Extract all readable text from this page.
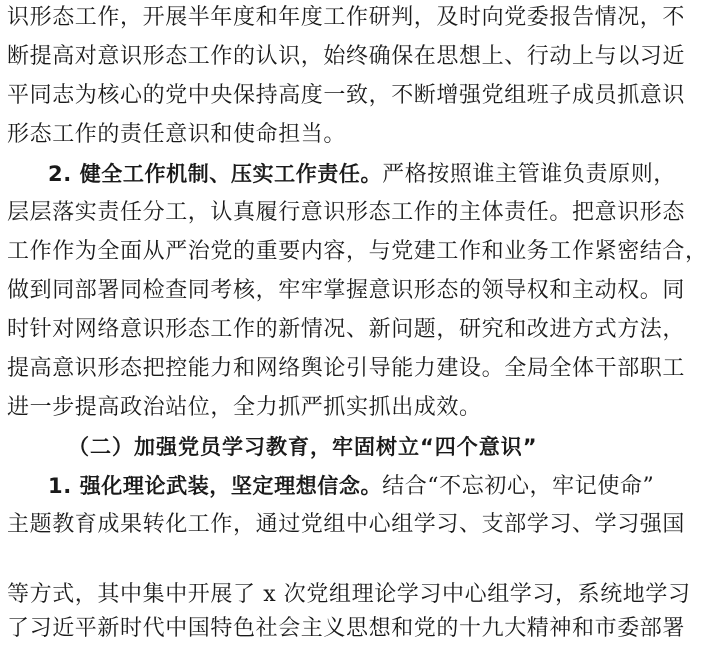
识形态工作，开展半年度和年度工作研判，及时向党委报告情况，不
断提高对意识形态工作的认识，始终确保在思想上、行动上与以习近
平同志为核心的党中央保持高度一致，不断增强党组班子成员抓意识
形态工作的责任意识和使命担当。
2. 健全工作机制、压实工作责任。严格按照谁主管谁负责原则，
层层落实责任分工，认真履行意识形态工作的主体责任。把意识形态
工作作为全面从严治党的重要内容，与党建工作和业务工作紧密结合，
做到同部署同检查同考核，牢牢掌握意识形态的领导权和主动权。同
时针对网络意识形态工作的新情况、新问题，研究和改进方式方法，
提高意识形态把控能力和网络舆论引导能力建设。全局全体干部职工
进一步提高政治站位，全力抓严抓实抓出成效。
（二）加强党员学习教育，牢固树立“四个意识”
1. 强化理论武装，坚定理想信念。结合“不忘初心，牢记使命”
主题教育成果转化工作，通过党组中心组学习、支部学习、学习强国
等方式，其中集中开展了 x 次党组理论学习中心组学习，系统地学习
了习近平新时代中国特色社会主义思想和党的十九大精神和市委部署
